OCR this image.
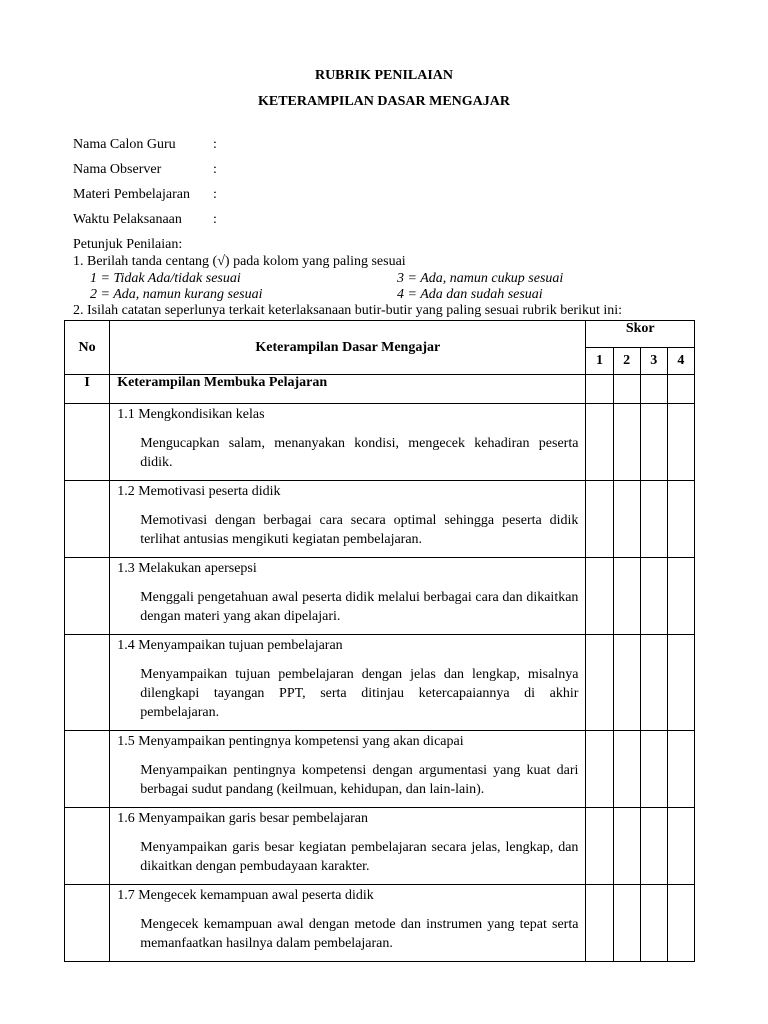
RUBRIK PENILAIAN
KETERAMPILAN DASAR MENGAJAR
Nama Calon Guru	:
Nama Observer	:
Materi Pembelajaran :
Waktu Pelaksanaan :
Petunjuk Penilaian:
1. Berilah tanda centang (√) pada kolom yang paling sesuai
1 = Tidak Ada/tidak sesuai	3 = Ada, namun cukup sesuai
2 = Ada, namun kurang sesuai	4 = Ada dan sudah sesuai
2. Isilah catatan seperlunya terkait keterlaksanaan butir-butir yang paling sesuai rubrik berikut ini:
No	Keterampilan Dasar Mengajar	Skor			
		1	2	3	4
I	Keterampilan Membuka Pelajaran				

	1.1 Mengkondisikan kelas
Mengucapkan salam, menanyakan kondisi, mengecek kehadiran peserta didik.				

	1.2 Memotivasi peserta didik
Memotivasi dengan berbagai cara secara optimal sehingga peserta didik terlihat antusias mengikuti kegiatan pembelajaran.				

	1.3 Melakukan apersepsi
Menggali pengetahuan awal peserta didik melalui berbagai cara dan dikaitkan dengan materi yang akan dipelajari.				

	1.4 Menyampaikan tujuan pembelajaran
Menyampaikan tujuan pembelajaran dengan jelas dan lengkap, misalnya dilengkapi tayangan PPT, serta ditinjau ketercapaiannya di akhir pembelajaran.				

	1.5 Menyampaikan pentingnya kompetensi yang akan dicapai
Menyampaikan pentingnya kompetensi dengan argumentasi yang kuat dari berbagai sudut pandang (keilmuan, kehidupan, dan lain-lain).				

	1.6 Menyampaikan garis besar pembelajaran
Menyampaikan garis besar kegiatan pembelajaran secara jelas, lengkap, dan dikaitkan dengan pembudayaan karakter.				

	1.7 Mengecek kemampuan awal peserta didik
Mengecek kemampuan awal dengan metode dan instrumen yang tepat serta memanfaatkan hasilnya dalam pembelajaran.				
